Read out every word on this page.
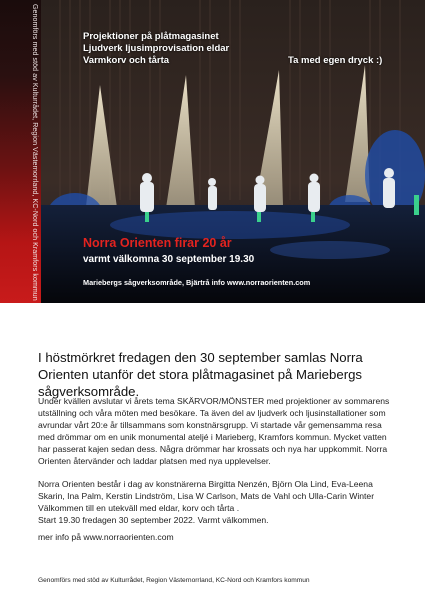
Genomförs med stöd av Kulturrådet, Region Västernorrland, KC-Nord och Kramfors kommun	Projektioner på plåtmagasinet
Ljudverk ljusimprovisation eldar
Varmkorv och tårta	Ta med egen dryck :)
Norra Orienten firar 20 år
varmt välkomna 30 september 19.30
Mariebergs sågverksområde, Bjärtrå info www.norraorienten.com
I höstmörkret fredagen den 30 september samlas Norra Orienten utanför det stora plåtmagasinet på Mariebergs sågverksområde.

Under kvällen avslutar vi årets tema SKÄRVOR/MÖNSTER med projektioner av sommarens utställning och våra möten med besökare. Ta även del av ljudverk och ljusinstallationer som avrundar vårt 20:e år tillsammans som konstnärsgrupp. Vi startade vår gemensamma resa med drömmar om en unik monumental ateljé i Marieberg, Kramfors kommun. Mycket vatten har passerat kajen sedan dess. Några drömmar har krossats och nya har uppkommit. Norra Orienten återvänder och laddar platsen med nya upplevelser.

Norra Orienten består i dag av konstnärerna Birgitta Nenzén, Björn Ola Lind, Eva-Leena Skarin, Ina Palm, Kerstin Lindström, Lisa W Carlson, Mats de Vahl och Ulla-Carin Winter
Välkommen till en utekväll med eldar, korv och tårta .
Start 19.30 fredagen 30 september 2022. Varmt välkommen.
mer info på www.norraorienten.com
Genomförs med stöd av Kulturrådet, Region Västernorrland, KC-Nord och Kramfors kommun
